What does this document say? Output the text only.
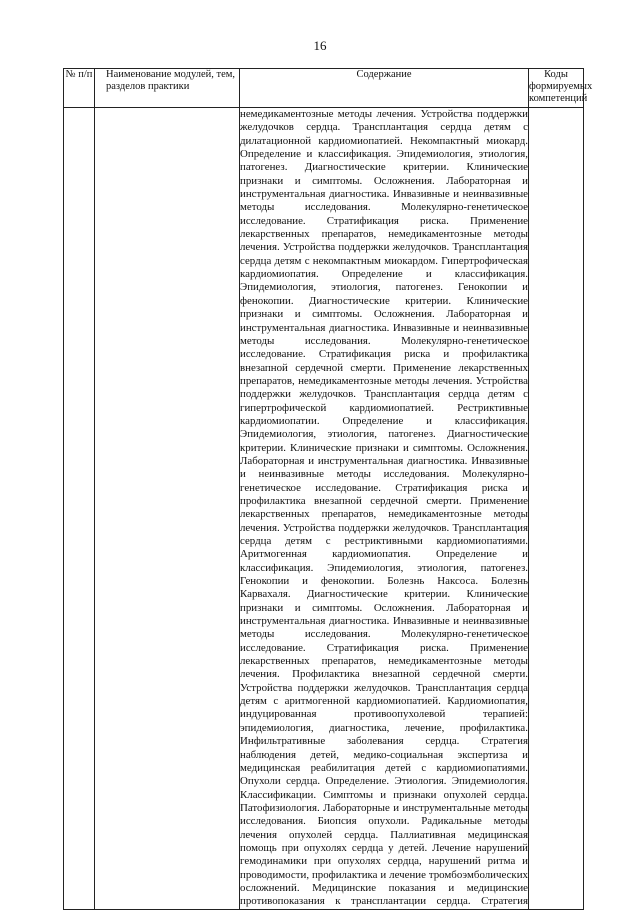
16
№ п/п	Наименование модулей, тем, разделов практики	Содержание	Коды формируемых компетенций
		немедикаментозные методы лечения. Устройства поддержки желудочков сердца. Трансплантация сердца детям с дилатационной кардиомиопатией. Некомпактный миокард. Определение и классификация. Эпидемиология, этиология, патогенез. Диагностические критерии. Клинические признаки и симптомы. Осложнения. Лабораторная и инструментальная диагностика. Инвазивные и неинвазивные методы исследования. Молекулярно-генетическое исследование. Стратификация риска. Применение лекарственных препаратов, немедикаментозные методы лечения. Устройства поддержки желудочков. Трансплантация сердца детям с некомпактным миокардом. Гипертрофическая кардиомиопатия. Определение и классификация. Эпидемиология, этиология, патогенез. Генокопии и фенокопии. Диагностические критерии. Клинические признаки и симптомы. Осложнения. Лабораторная и инструментальная диагностика. Инвазивные и неинвазивные методы исследования. Молекулярно-генетическое исследование. Стратификация риска и профилактика внезапной сердечной смерти. Применение лекарственных препаратов, немедикаментозные методы лечения. Устройства поддержки желудочков. Трансплантация сердца детям с гипертрофической кардиомиопатией. Рестриктивные кардиомиопатии. Определение и классификация. Эпидемиология, этиология, патогенез. Диагностические критерии. Клинические признаки и симптомы. Осложнения. Лабораторная и инструментальная диагностика. Инвазивные и неинвазивные методы исследования. Молекулярно-генетическое исследование. Стратификация риска и профилактика внезапной сердечной смерти. Применение лекарственных препаратов, немедикаментозные методы лечения. Устройства поддержки желудочков. Трансплантация сердца детям с рестриктивными кардиомиопатиями. Аритмогенная кардиомиопатия. Определение и классификация. Эпидемиология, этиология, патогенез. Генокопии и фенокопии. Болезнь Наксоса. Болезнь Карвахаля. Диагностические критерии. Клинические признаки и симптомы. Осложнения. Лабораторная и инструментальная диагностика. Инвазивные и неинвазивные методы исследования. Молекулярно-генетическое исследование. Стратификация риска. Применение лекарственных препаратов, немедикаментозные методы лечения. Профилактика внезапной сердечной смерти. Устройства поддержки желудочков. Трансплантация сердца детям с аритмогенной кардиомиопатией. Кардиомиопатия, индуцированная противоопухолевой терапией: эпидемиология, диагностика, лечение, профилактика. Инфильтративные заболевания сердца. Стратегия наблюдения детей, медико-социальная экспертиза и медицинская реабилитация детей с кардиомиопатиями. Опухоли сердца. Определение. Этиология. Эпидемиология. Классификации. Симптомы и признаки опухолей сердца. Патофизиология. Лабораторные и инструментальные методы исследования. Биопсия опухоли. Радикальные методы лечения опухолей сердца. Паллиативная медицинская помощь при опухолях сердца у детей. Лечение нарушений гемодинамики при опухолях сердца, нарушений ритма и проводимости, профилактика и лечение тромбоэмболических осложнений. Медицинские показания и медицинские противопоказания к трансплантации сердца. Стратегия	
